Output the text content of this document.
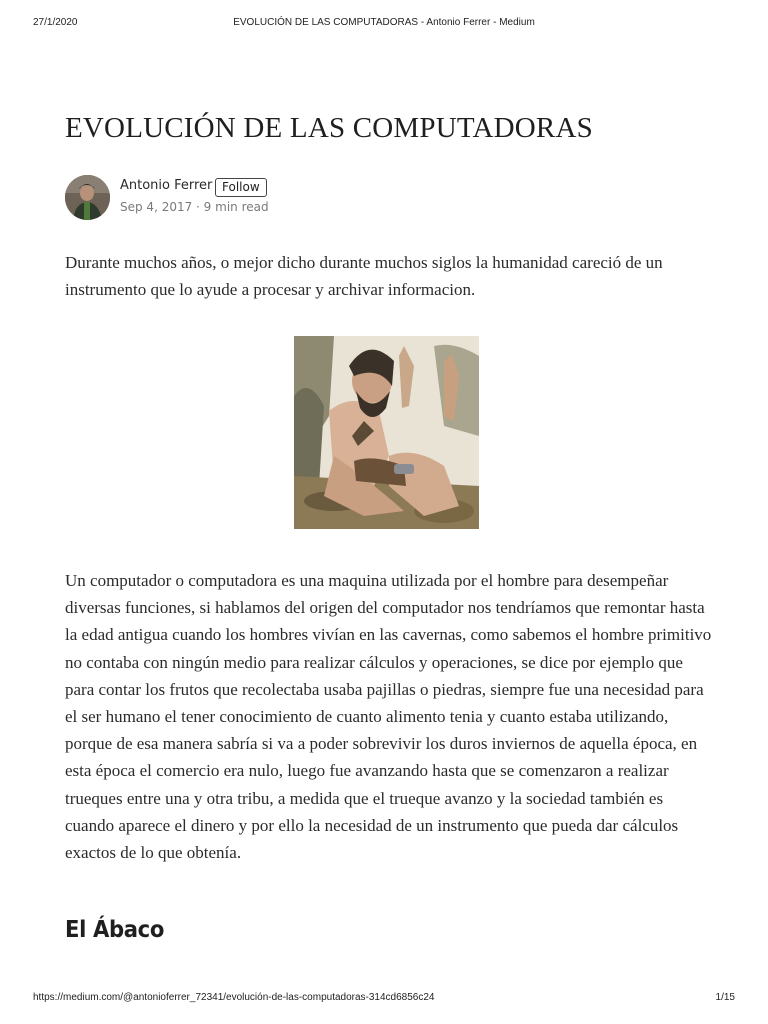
27/1/2020	EVOLUCIÓN DE LAS COMPUTADORAS - Antonio Ferrer - Medium
EVOLUCIÓN DE LAS COMPUTADORAS
Antonio Ferrer Follow
Sep 4, 2017 · 9 min read

Durante muchos años, o mejor dicho durante muchos siglos la humanidad careció de un instrumento que lo ayude a procesar y archivar informacion.

Un computador o computadora es una maquina utilizada por el hombre para desempeñar diversas funciones, si hablamos del origen del computador nos tendríamos que remontar hasta la edad antigua cuando los hombres vivían en las cavernas, como sabemos el hombre primitivo no contaba con ningún medio para realizar cálculos y operaciones, se dice por ejemplo que para contar los frutos que recolectaba usaba pajillas o piedras, siempre fue una necesidad para el ser humano el tener conocimiento de cuanto alimento tenia y cuanto estaba utilizando, porque de esa manera sabría si va a poder sobrevivir los duros inviernos de aquella época, en esta época el comercio era nulo, luego fue avanzando hasta que se comenzaron a realizar trueques entre una y otra tribu, a medida que el trueque avanzo y la sociedad también es cuando aparece el dinero y por ello la necesidad de un instrumento que pueda dar cálculos exactos de lo que obtenía.

El Ábaco
https://medium.com/@antonioferrer_72341/evolución-de-las-computadoras-314cd6856c24	1/15
